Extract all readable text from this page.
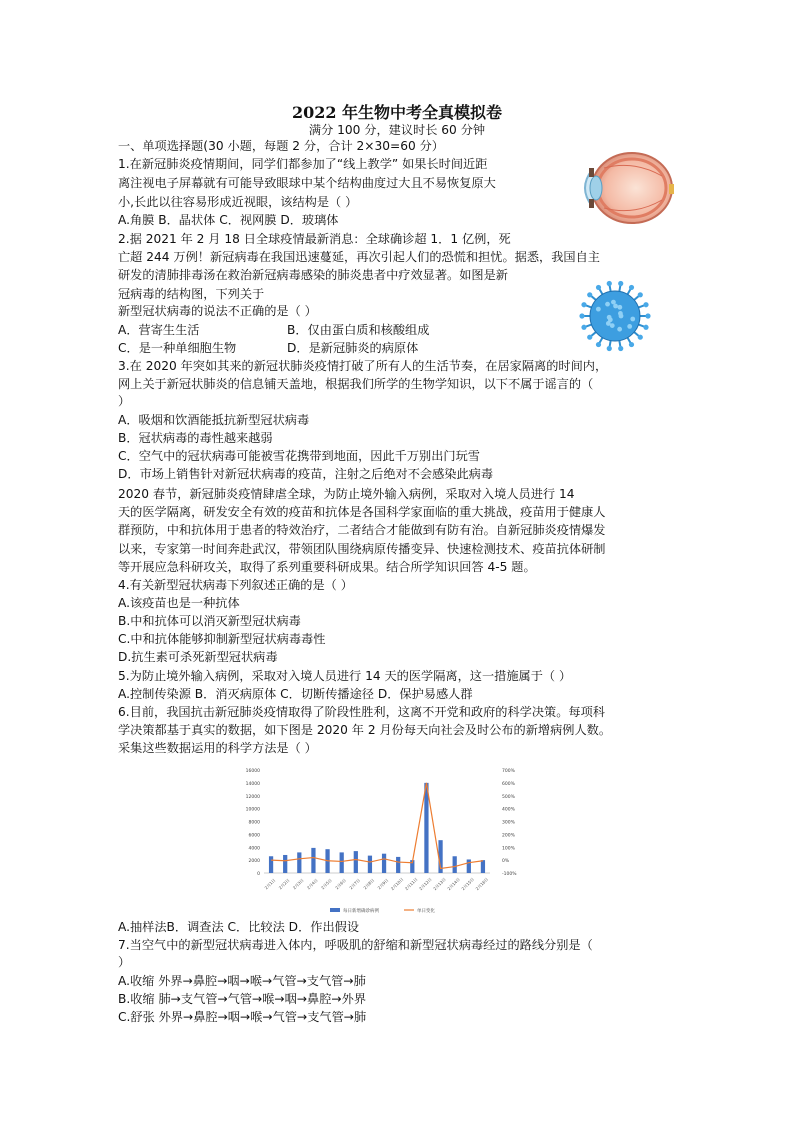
2022 年生物中考全真模拟卷
满分 100 分，建议时长 60 分钟
一、单项选择题(30 小题，每题 2 分，合计 2×30=60 分）
1.在新冠肺炎疫情期间，同学们都参加了“线上教学” 如果长时间近距
离注视电子屏幕就有可能导致眼球中某个结构曲度过大且不易恢复原大
小,长此以往容易形成近视眼，该结构是（ ）
A.角膜 B．晶状体 C．视网膜 D．玻璃体
2.据 2021 年 2 月 18 日全球疫情最新消息：全球确诊超 1．1 亿例，死
亡超 244 万例！新冠病毒在我国迅速蔓延，再次引起人们的恐慌和担忧。据悉，我国自主
研发的清肺排毒汤在救治新冠病毒感染的肺炎患者中疗效显著。如图是新
冠病毒的结构图，下列关于
新型冠状病毒的说法不正确的是（ ）
A．营寄生生活	B．仅由蛋白质和核酸组成
C．是一种单细胞生物	D．是新冠肺炎的病原体
3.在 2020 年突如其来的新冠状肺炎疫情打破了所有人的生活节奏，在居家隔离的时间内，
网上关于新冠状肺炎的信息铺天盖地，根据我们所学的生物学知识，以下不属于谣言的（
）
A．吸烟和饮酒能抵抗新型冠状病毒
B．冠状病毒的毒性越来越弱
C．空气中的冠状病毒可能被雪花携带到地面，因此千万别出门玩雪
D．市场上销售针对新冠状病毒的疫苗，注射之后绝对不会感染此病毒
2020 春节，新冠肺炎疫情肆虐全球，为防止境外输入病例，采取对入境人员进行 14
天的医学隔离，研发安全有效的疫苗和抗体是各国科学家面临的重大挑战，疫苗用于健康人
群预防，中和抗体用于患者的特效治疗，二者结合才能做到有防有治。自新冠肺炎疫情爆发
以来，专家第一时间奔赴武汉，带领团队围绕病原传播变异、快速检测技术、疫苗抗体研制
等开展应急科研攻关，取得了系列重要科研成果。结合所学知识回答 4-5 题。
4.有关新型冠状病毒下列叙述正确的是（ ）
A.该疫苗也是一种抗体
B.中和抗体可以消灭新型冠状病毒
C.中和抗体能够抑制新型冠状病毒毒性
D.抗生素可杀死新型冠状病毒
5.为防止境外输入病例，采取对入境人员进行 14 天的医学隔离，这一措施属于（ ）
A.控制传染源 B．消灭病原体 C．切断传播途径 D．保护易感人群
6.目前，我国抗击新冠肺炎疫情取得了阶段性胜利，这离不开党和政府的科学决策。每项科
学决策都基于真实的数据，如下图是 2020 年 2 月份每天向社会及时公布的新增病例人数。
采集这些数据运用的科学方法是（ ）
16000
14000
12000
10000
8000
6000
4000
2000
0
700%
600%
500%
400%
300%
200%
100%
0%
-100%
2月1日 2月2日 2月3日 2月4日 2月5日 2月6日 2月7日 2月8日 2月9日 2月10日 2月11日 2月12日 2月13日 2月14日 2月15日 2月16日
每日新增确诊病例	单日变化
A.抽样法B．调查法 C．比较法 D．作出假设
7.当空气中的新型冠状病毒进入体内，呼吸肌的舒缩和新型冠状病毒经过的路线分别是（
）
A.收缩 外界→鼻腔→咽→喉→气管→支气管→肺
B.收缩 肺→支气管→气管→喉→咽→鼻腔→外界
C.舒张 外界→鼻腔→咽→喉→气管→支气管→肺
